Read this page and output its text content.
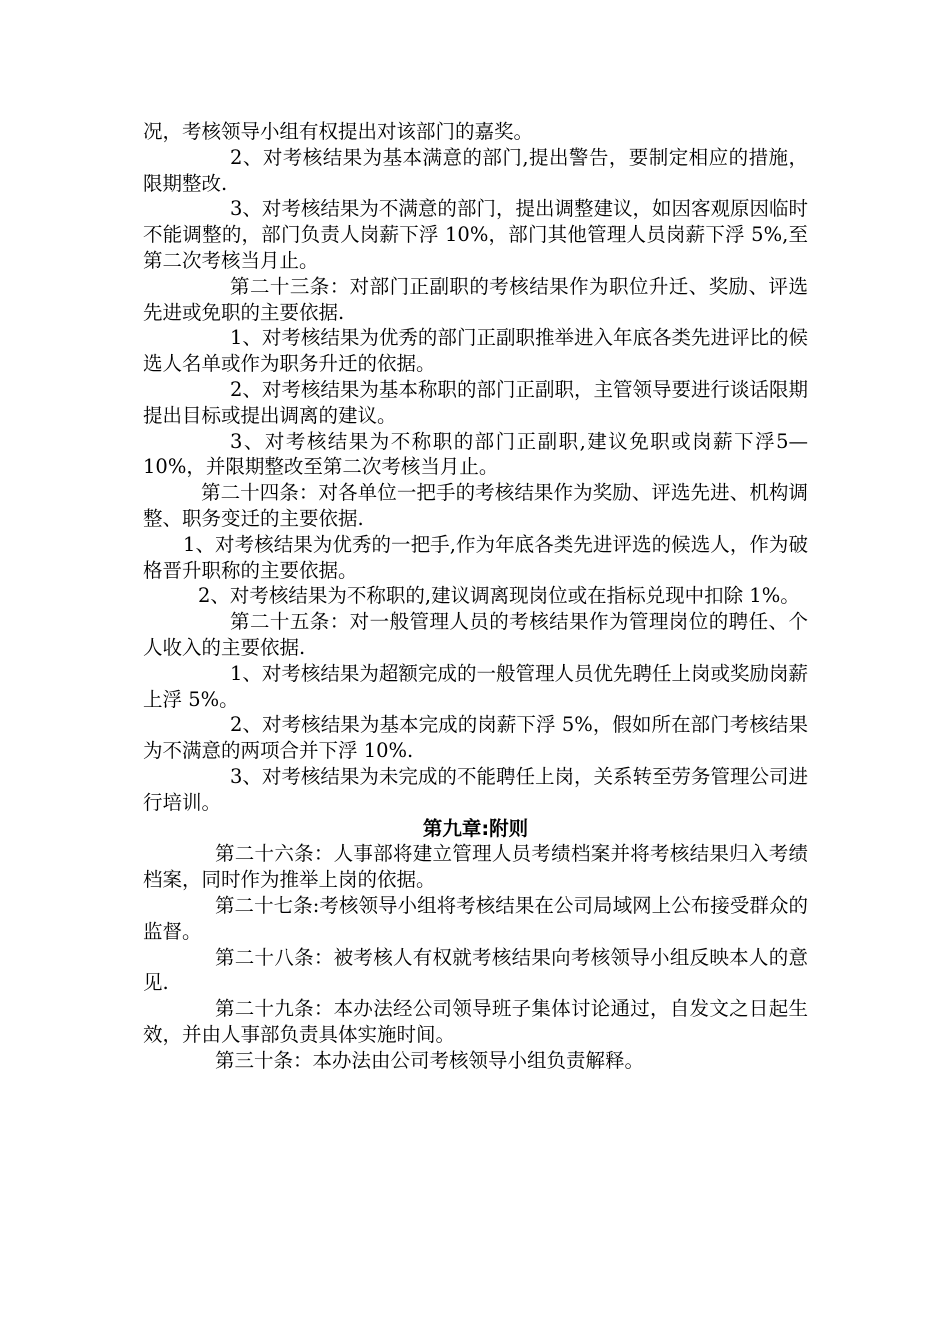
况，考核领导小组有权提出对该部门的嘉奖。

2、对考核结果为基本满意的部门,提出警告，要制定相应的措施，限期整改.

3、对考核结果为不满意的部门，提出调整建议，如因客观原因临时不能调整的，部门负责人岗薪下浮 10%，部门其他管理人员岗薪下浮 5%,至第二次考核当月止。

第二十三条：对部门正副职的考核结果作为职位升迁、奖励、评选先进或免职的主要依据.

1、对考核结果为优秀的部门正副职推举进入年底各类先进评比的候选人名单或作为职务升迁的依据。

2、对考核结果为基本称职的部门正副职，主管领导要进行谈话限期提出目标或提出调离的建议。

3、对考核结果为不称职的部门正副职,建议免职或岗薪下浮5—10%，并限期整改至第二次考核当月止。

第二十四条：对各单位一把手的考核结果作为奖励、评选先进、机构调整、职务变迁的主要依据.

1、对考核结果为优秀的一把手,作为年底各类先进评选的候选人，作为破格晋升职称的主要依据。

2、对考核结果为不称职的,建议调离现岗位或在指标兑现中扣除 1%。

第二十五条：对一般管理人员的考核结果作为管理岗位的聘任、个人收入的主要依据.

1、对考核结果为超额完成的一般管理人员优先聘任上岗或奖励岗薪上浮 5%。

2、对考核结果为基本完成的岗薪下浮 5%，假如所在部门考核结果为不满意的两项合并下浮 10%.

3、对考核结果为未完成的不能聘任上岗，关系转至劳务管理公司进行培训。

第九章:附则

第二十六条：人事部将建立管理人员考绩档案并将考核结果归入考绩档案，同时作为推举上岗的依据。

第二十七条:考核领导小组将考核结果在公司局域网上公布接受群众的监督。

第二十八条：被考核人有权就考核结果向考核领导小组反映本人的意见.

第二十九条：本办法经公司领导班子集体讨论通过，自发文之日起生效，并由人事部负责具体实施时间。

第三十条：本办法由公司考核领导小组负责解释。
